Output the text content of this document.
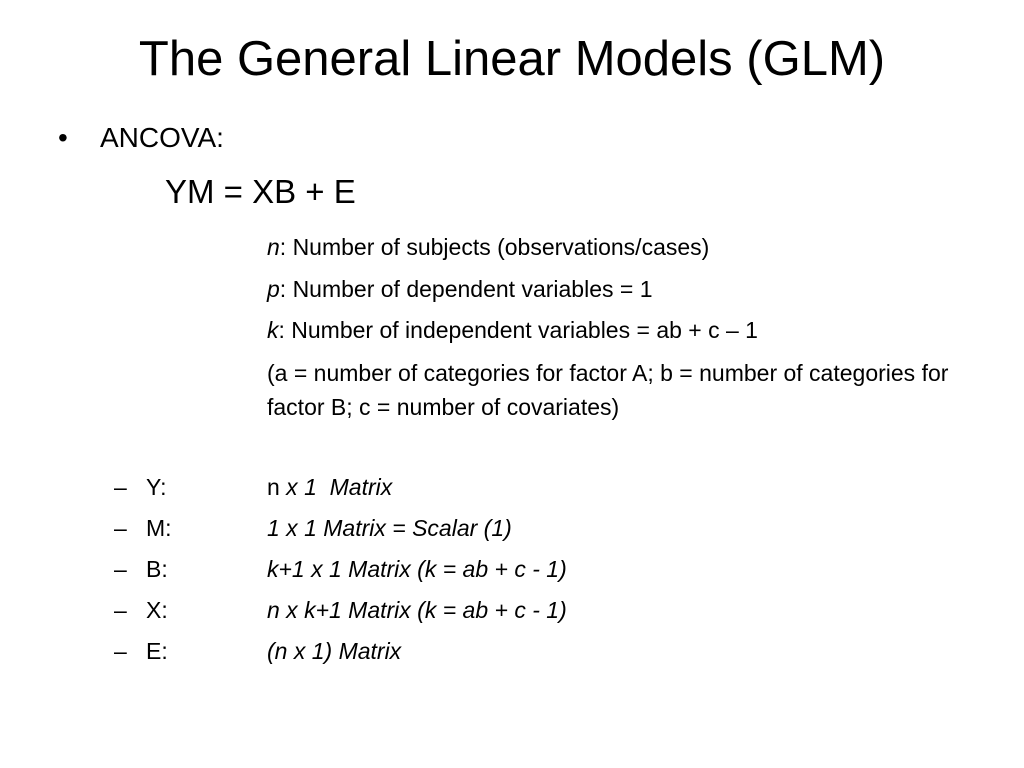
The General Linear Models (GLM)
• ANCOVA:
YM = XB + E
n: Number of subjects (observations/cases)
p: Number of dependent variables = 1
k: Number of independent variables = ab + c – 1
(a = number of categories for factor A; b = number of categories for factor B; c = number of covariates)
– Y:	n x 1  Matrix
– M:	1 x 1 Matrix = Scalar (1)
– B:	k+1 x 1 Matrix (k = ab + c - 1)
– X:	n x k+1 Matrix (k = ab + c - 1)
– E:	(n x 1) Matrix
